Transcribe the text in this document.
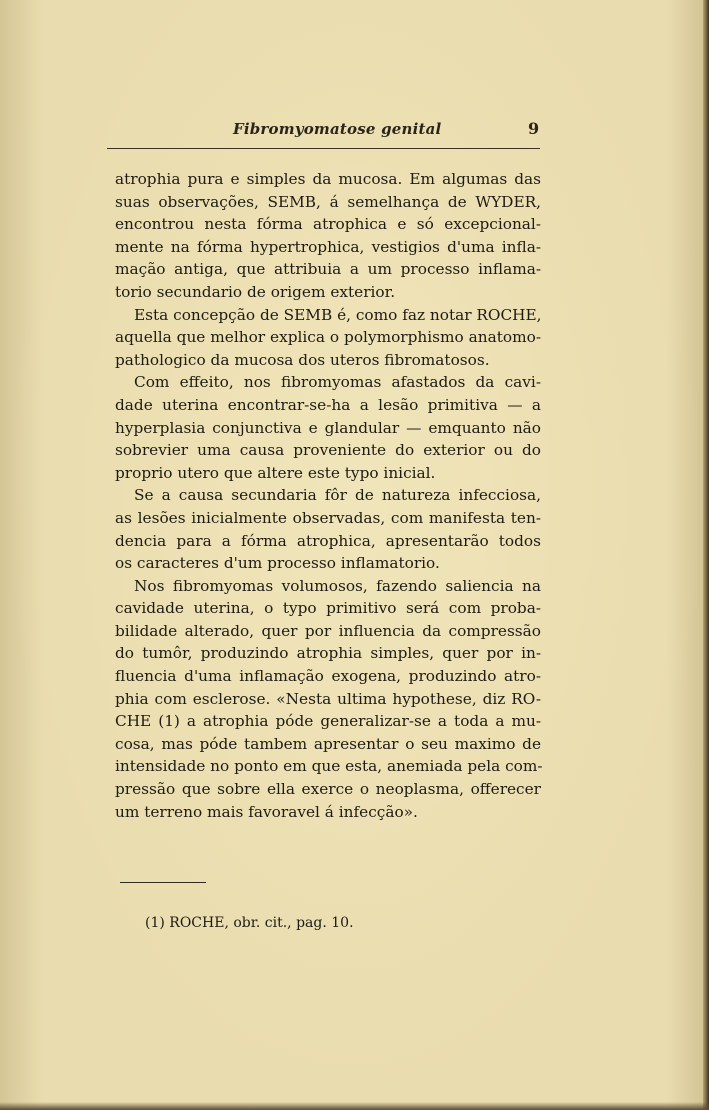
Fibromyomatose genital	9
atrophia pura e simples da mucosa. Em algumas das
suas observações, SEMB, á semelhança de WYDER,
encontrou nesta fórma atrophica e só excepcional-
mente na fórma hypertrophica, vestigios d'uma infla-
mação antiga, que attribuia a um processo inflama-
torio secundario de origem exterior.
Esta concepção de SEMB é, como faz notar ROCHE,
aquella que melhor explica o polymorphismo anatomo-
pathologico da mucosa dos uteros fibromatosos.
Com effeito, nos fibromyomas afastados da cavi-
dade uterina encontrar-se-ha a lesão primitiva — a
hyperplasia conjunctiva e glandular — emquanto não
sobrevier uma causa proveniente do exterior ou do
proprio utero que altere este typo inicial.
Se a causa secundaria fôr de natureza infecciosa,
as lesões inicialmente observadas, com manifesta ten-
dencia para a fórma atrophica, apresentarão todos
os caracteres d'um processo inflamatorio.
Nos fibromyomas volumosos, fazendo saliencia na
cavidade uterina, o typo primitivo será com proba-
bilidade alterado, quer por influencia da compressão
do tumôr, produzindo atrophia simples, quer por in-
fluencia d'uma inflamação exogena, produzindo atro-
phia com esclerose. «Nesta ultima hypothese, diz RO-
CHE (1) a atrophia póde generalizar-se a toda a mu-
cosa, mas póde tambem apresentar o seu maximo de
intensidade no ponto em que esta, anemiada pela com-
pressão que sobre ella exerce o neoplasma, offerecer
um terreno mais favoravel á infecção».
(1) ROCHE, obr. cit., pag. 10.
